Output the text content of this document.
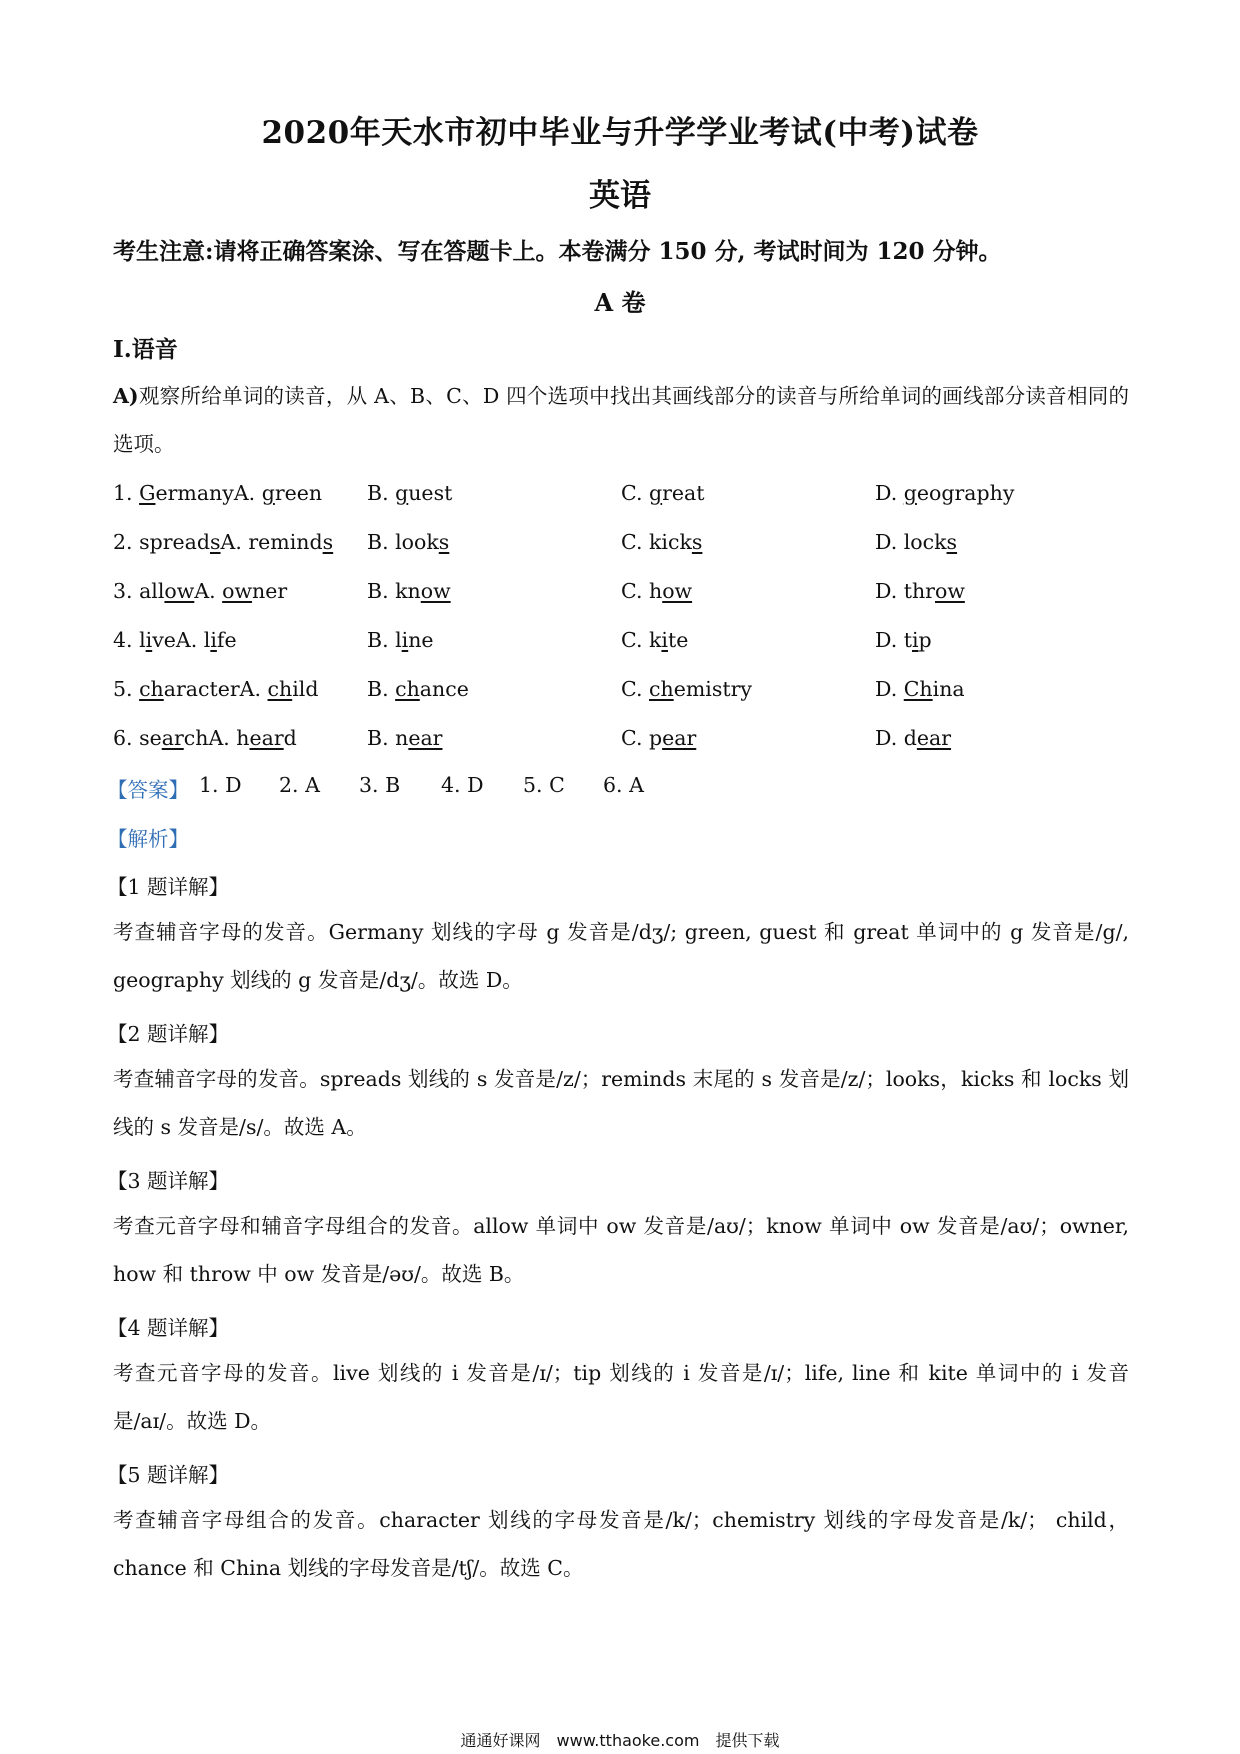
2020年天水市初中毕业与升学学业考试(中考)试卷
英语
考生注意:请将正确答案涂、写在答题卡上。本卷满分 150 分, 考试时间为 120 分钟。
A 卷
I.语音
A)观察所给单词的读音，从 A、B、C、D 四个选项中找出其画线部分的读音与所给单词的画线部分读音相同的选项。
1. GermanyA. green B. guest	C. great	D. geography
2. spreadsA. reminds B. looks	C. kicks	D. locks
3. allowA. owner	B. know	C. how	D. throw
4. liveA. life	B. line	C. kite	D. tip
5. characterA. child B. chance	C. chemistry	D. China
6. searchA. heard	B. near	C. pear	D. dear
【答案】 1. D 2. A 3. B 4. D 5. C 6. A
【解析】
【1 题详解】
考查辅音字母的发音。Germany 划线的字母 g 发音是/dʒ/; green, guest 和 great 单词中的 g 发音是/g/, geography 划线的 g 发音是/dʒ/。故选 D。
【2 题详解】
考查辅音字母的发音。spreads 划线的 s 发音是/z/；reminds 末尾的 s 发音是/z/；looks，kicks 和 locks 划线的 s 发音是/s/。故选 A。
【3 题详解】
考查元音字母和辅音字母组合的发音。allow 单词中 ow 发音是/aʊ/；know 单词中 ow 发音是/aʊ/；owner, how 和 throw 中 ow 发音是/əʊ/。故选 B。
【4 题详解】
考查元音字母的发音。live 划线的 i 发音是/ɪ/；tip 划线的 i 发音是/ɪ/；life, line 和 kite 单词中的 i 发音是/aɪ/。故选 D。
【5 题详解】
考查辅音字母组合的发音。character 划线的字母发音是/k/；chemistry 划线的字母发音是/k/； child，chance 和 China 划线的字母发音是/tʃ/。故选 C。
通通好课网　www.tthaoke.com　提供下载
